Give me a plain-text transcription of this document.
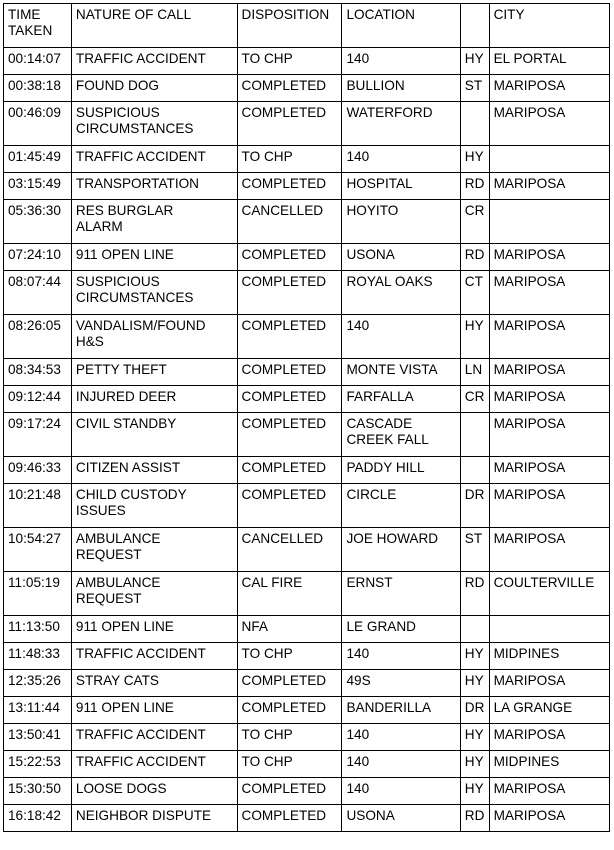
TIME
TAKEN	NATURE OF CALL	DISPOSITION	LOCATION		CITY
00:14:07	TRAFFIC ACCIDENT	TO CHP	140	HY	EL PORTAL
00:38:18	FOUND DOG	COMPLETED	BULLION	ST	MARIPOSA
00:46:09	SUSPICIOUS
CIRCUMSTANCES	COMPLETED	WATERFORD		MARIPOSA
01:45:49	TRAFFIC ACCIDENT	TO CHP	140	HY	
03:15:49	TRANSPORTATION	COMPLETED	HOSPITAL	RD	MARIPOSA
05:36:30	RES BURGLAR
ALARM	CANCELLED	HOYITO	CR	
07:24:10	911 OPEN LINE	COMPLETED	USONA	RD	MARIPOSA
08:07:44	SUSPICIOUS
CIRCUMSTANCES	COMPLETED	ROYAL OAKS	CT	MARIPOSA
08:26:05	VANDALISM/FOUND
H&S	COMPLETED	140	HY	MARIPOSA
08:34:53	PETTY THEFT	COMPLETED	MONTE VISTA	LN	MARIPOSA
09:12:44	INJURED DEER	COMPLETED	FARFALLA	CR	MARIPOSA
09:17:24	CIVIL STANDBY	COMPLETED	CASCADE
CREEK FALL		MARIPOSA
09:46:33	CITIZEN ASSIST	COMPLETED	PADDY HILL		MARIPOSA
10:21:48	CHILD CUSTODY
ISSUES	COMPLETED	CIRCLE	DR	MARIPOSA
10:54:27	AMBULANCE
REQUEST	CANCELLED	JOE HOWARD	ST	MARIPOSA
11:05:19	AMBULANCE
REQUEST	CAL FIRE	ERNST	RD	COULTERVILLE
11:13:50	911 OPEN LINE	NFA	LE GRAND		
11:48:33	TRAFFIC ACCIDENT	TO CHP	140	HY	MIDPINES
12:35:26	STRAY CATS	COMPLETED	49S	HY	MARIPOSA
13:11:44	911 OPEN LINE	COMPLETED	BANDERILLA	DR	LA GRANGE
13:50:41	TRAFFIC ACCIDENT	TO CHP	140	HY	MARIPOSA
15:22:53	TRAFFIC ACCIDENT	TO CHP	140	HY	MIDPINES
15:30:50	LOOSE DOGS	COMPLETED	140	HY	MARIPOSA
16:18:42	NEIGHBOR DISPUTE	COMPLETED	USONA	RD	MARIPOSA
